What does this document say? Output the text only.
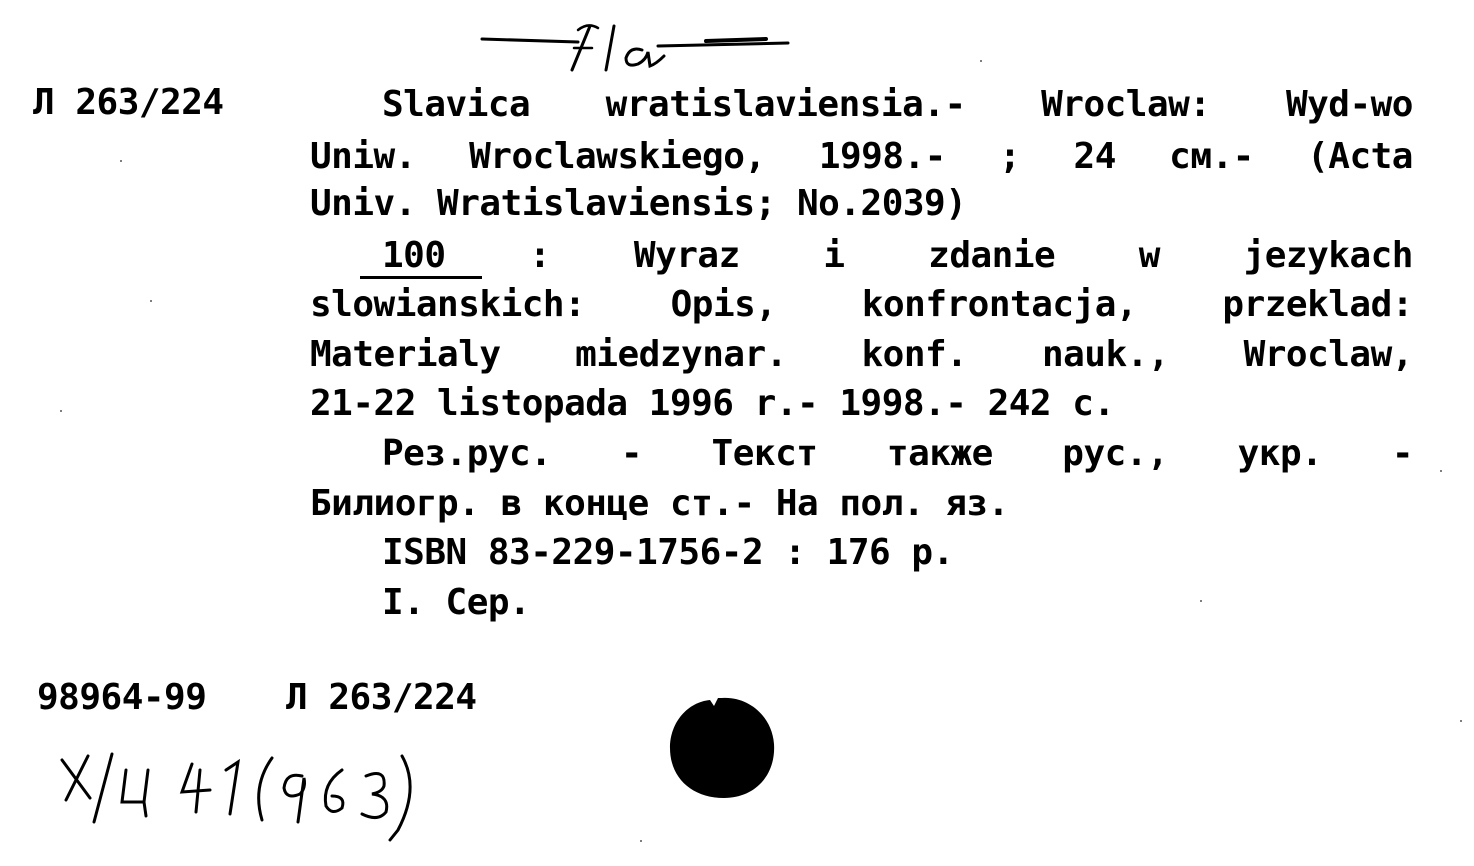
Л 263/224	Slavica wratislaviensia.- Wroclaw: Wyd-wo
Uniw. Wroclawskiego, 1998.- ; 24 см.- (Acta
Univ. Wratislaviensis; No.2039)
100 : Wyraz i zdanie w jezykach
slowianskich: Opis, konfrontacja, przeklad:
Materialy miedzynar. konf. nauk., Wroclaw,
21-22 listopada 1996 r.- 1998.- 242 с.
Рез.рус. - Текст также рус., укр. -
Билиогр. в конце ст.- На пол. яз.
ISBN 83-229-1756-2 : 176 р.
I. Сер.
98964-99 Л 263/224
